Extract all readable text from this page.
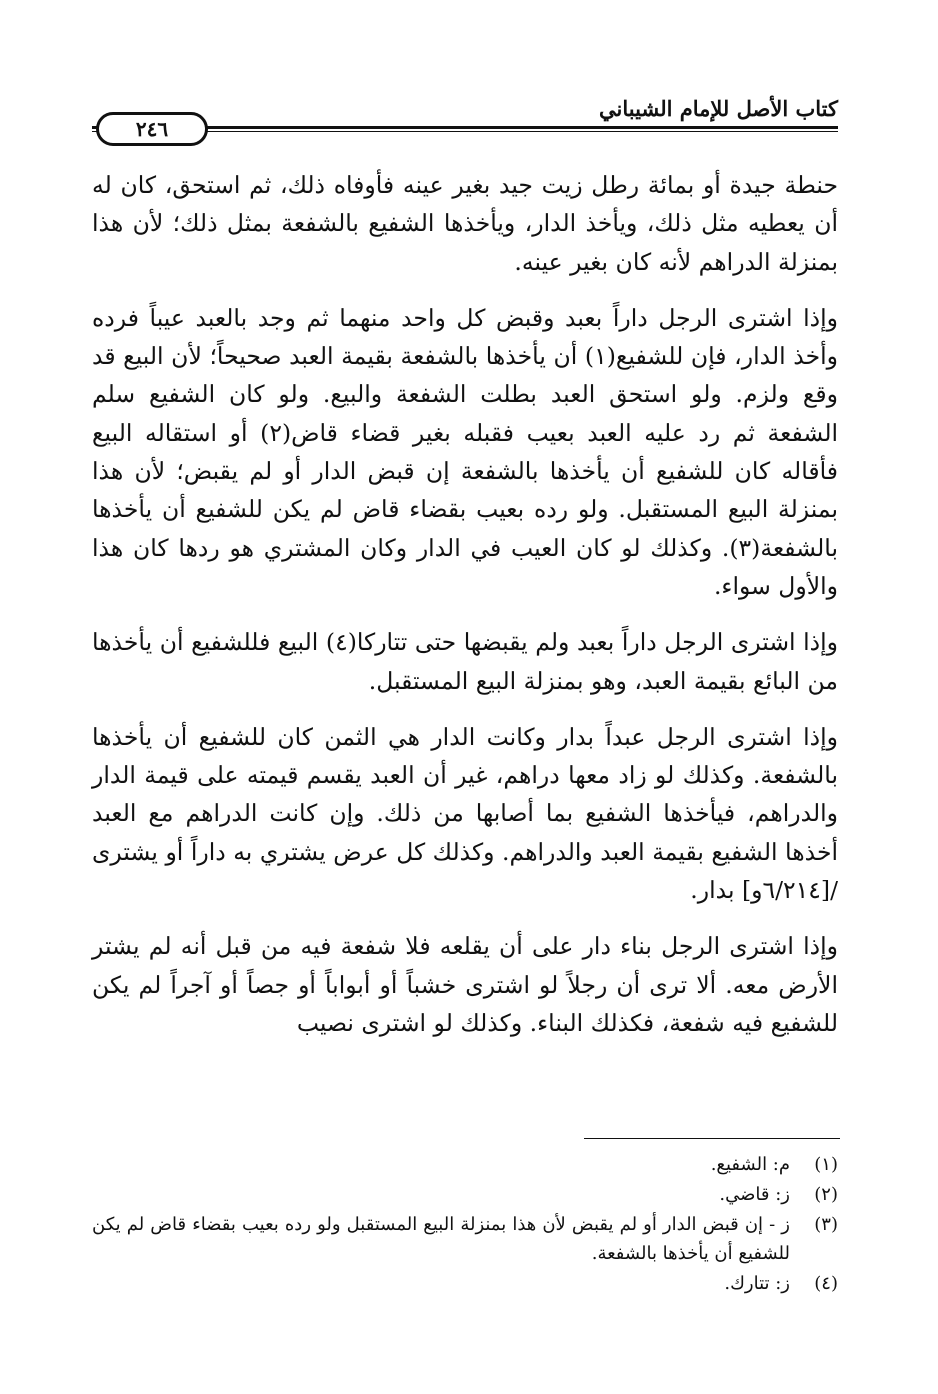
٢٤٦
كتاب الأصل للإمام الشيباني

حنطة جيدة أو بمائة رطل زيت جيد بغير عينه فأوفاه ذلك، ثم استحق، كان له أن يعطيه مثل ذلك، ويأخذ الدار، ويأخذها الشفيع بالشفعة بمثل ذلك؛ لأن هذا بمنزلة الدراهم لأنه كان بغير عينه.

وإذا اشترى الرجل داراً بعبد وقبض كل واحد منهما ثم وجد بالعبد عيباً فرده وأخذ الدار، فإن للشفيع(١) أن يأخذها بالشفعة بقيمة العبد صحيحاً؛ لأن البيع قد وقع ولزم. ولو استحق العبد بطلت الشفعة والبيع. ولو كان الشفيع سلم الشفعة ثم رد عليه العبد بعيب فقبله بغير قضاء قاض(٢) أو استقاله البيع فأقاله كان للشفيع أن يأخذها بالشفعة إن قبض الدار أو لم يقبض؛ لأن هذا بمنزلة البيع المستقبل. ولو رده بعيب بقضاء قاض لم يكن للشفيع أن يأخذها بالشفعة(٣). وكذلك لو كان العيب في الدار وكان المشتري هو ردها كان هذا والأول سواء.

وإذا اشترى الرجل داراً بعبد ولم يقبضها حتى تتاركا(٤) البيع فللشفيع أن يأخذها من البائع بقيمة العبد، وهو بمنزلة البيع المستقبل.

وإذا اشترى الرجل عبداً بدار وكانت الدار هي الثمن كان للشفيع أن يأخذها بالشفعة. وكذلك لو زاد معها دراهم، غير أن العبد يقسم قيمته على قيمة الدار والدراهم، فيأخذها الشفيع بما أصابها من ذلك. وإن كانت الدراهم مع العبد أخذها الشفيع بقيمة العبد والدراهم. وكذلك كل عرض يشتري به داراً أو يشترى /[٦/٢١٤و] بدار.

وإذا اشترى الرجل بناء دار على أن يقلعه فلا شفعة فيه من قبل أنه لم يشتر الأرض معه. ألا ترى أن رجلاً لو اشترى خشباً أو أبواباً أو جصاً أو آجراً لم يكن للشفيع فيه شفعة، فكذلك البناء. وكذلك لو اشترى نصيب

(١)
م: الشفيع.
(٢)
ز: قاضي.
(٣)
ز - إن قبض الدار أو لم يقبض لأن هذا بمنزلة البيع المستقبل ولو رده بعيب بقضاء قاض لم يكن للشفيع أن يأخذها بالشفعة.
(٤)
ز: تتارك.
